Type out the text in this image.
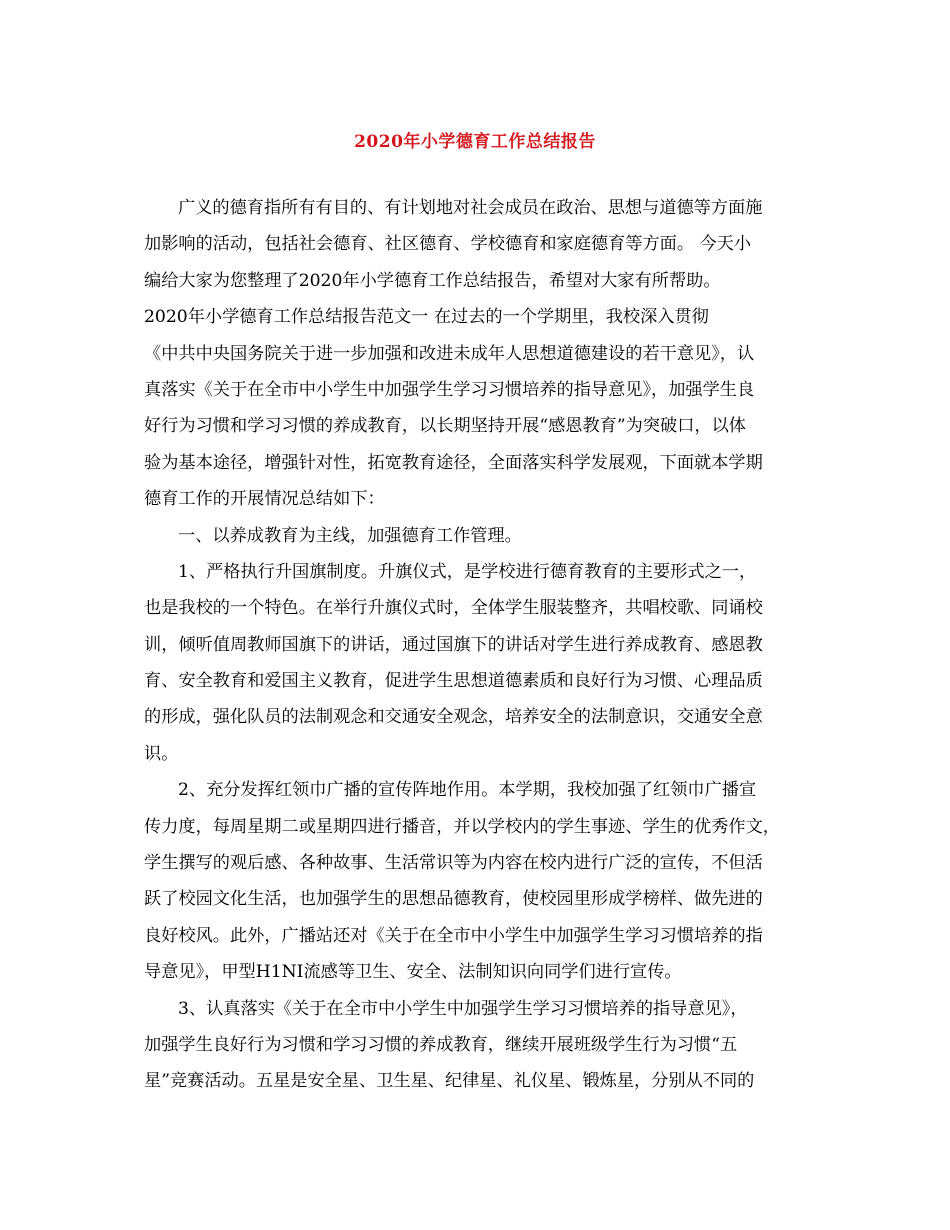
2020年小学德育工作总结报告
广义的德育指所有有目的、有计划地对社会成员在政治、思想与道德等方面施
加影响的活动，包括社会德育、社区德育、学校德育和家庭德育等方面。 今天小
编给大家为您整理了2020年小学德育工作总结报告，希望对大家有所帮助。
2020年小学德育工作总结报告范文一 在过去的一个学期里，我校深入贯彻
《中共中央国务院关于进一步加强和改进未成年人思想道德建设的若干意见》，认
真落实《关于在全市中小学生中加强学生学习习惯培养的指导意见》，加强学生良
好行为习惯和学习习惯的养成教育，以长期坚持开展“感恩教育”为突破口，以体
验为基本途径，增强针对性，拓宽教育途径，全面落实科学发展观，下面就本学期
德育工作的开展情况总结如下：
一、以养成教育为主线，加强德育工作管理。
1、严格执行升国旗制度。升旗仪式，是学校进行德育教育的主要形式之一，
也是我校的一个特色。在举行升旗仪式时，全体学生服装整齐，共唱校歌、同诵校
训，倾听值周教师国旗下的讲话，通过国旗下的讲话对学生进行养成教育、感恩教
育、安全教育和爱国主义教育，促进学生思想道德素质和良好行为习惯、心理品质
的形成，强化队员的法制观念和交通安全观念，培养安全的法制意识，交通安全意
识。
2、充分发挥红领巾广播的宣传阵地作用。本学期，我校加强了红领巾广播宣
传力度，每周星期二或星期四进行播音，并以学校内的学生事迹、学生的优秀作文，
学生撰写的观后感、各种故事、生活常识等为内容在校内进行广泛的宣传，不但活
跃了校园文化生活，也加强学生的思想品德教育，使校园里形成学榜样、做先进的
良好校风。此外，广播站还对《关于在全市中小学生中加强学生学习习惯培养的指
导意见》，甲型H1NI流感等卫生、安全、法制知识向同学们进行宣传。
3、认真落实《关于在全市中小学生中加强学生学习习惯培养的指导意见》，
加强学生良好行为习惯和学习习惯的养成教育，继续开展班级学生行为习惯“五
星”竞赛活动。五星是安全星、卫生星、纪律星、礼仪星、锻炼星，分别从不同的
